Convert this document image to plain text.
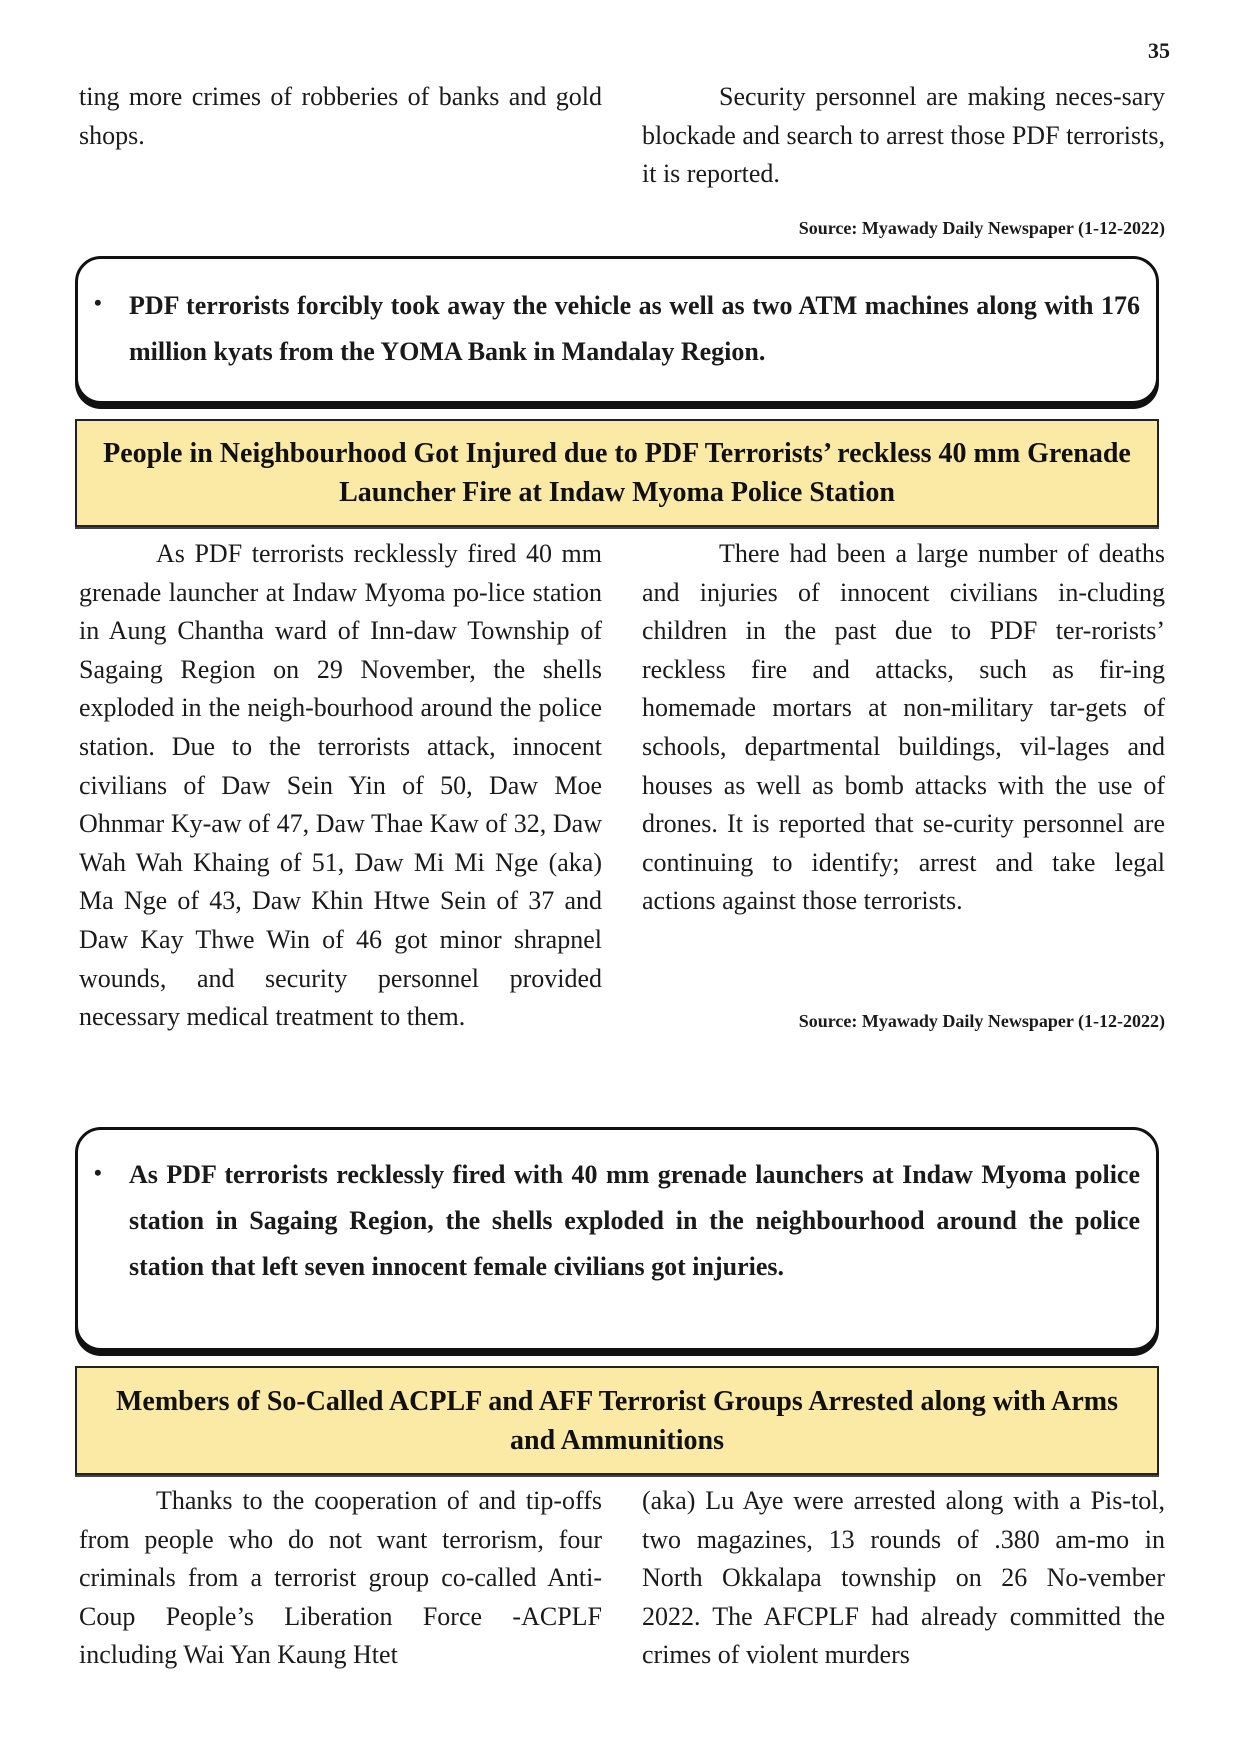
35

ting more crimes of robberies of banks and gold shops.

Security personnel are making neces-sary blockade and search to arrest those PDF terrorists, it is reported.

Source: Myawady Daily Newspaper (1-12-2022)
• PDF terrorists forcibly took away the vehicle as well as two ATM machines along with 176 million kyats from the YOMA Bank in Mandalay Region.
People in Neighbourhood Got Injured due to PDF Terrorists’ reckless 40 mm Grenade Launcher Fire at Indaw Myoma Police Station

As PDF terrorists recklessly fired 40 mm grenade launcher at Indaw Myoma po-lice station in Aung Chantha ward of Inn-daw Township of Sagaing Region on 29 November, the shells exploded in the neigh-bourhood around the police station. Due to the terrorists attack, innocent civilians of Daw Sein Yin of 50, Daw Moe Ohnmar Ky-aw of 47, Daw Thae Kaw of 32, Daw Wah Wah Khaing of 51, Daw Mi Mi Nge (aka) Ma Nge of 43, Daw Khin Htwe Sein of 37 and Daw Kay Thwe Win of 46 got minor shrapnel wounds, and security personnel provided necessary medical treatment to them.

There had been a large number of deaths and injuries of innocent civilians in-cluding children in the past due to PDF ter-rorists’ reckless fire and attacks, such as fir-ing homemade mortars at non-military tar-gets of schools, departmental buildings, vil-lages and houses as well as bomb attacks with the use of drones. It is reported that se-curity personnel are continuing to identify; arrest and take legal actions against those terrorists.

Source: Myawady Daily Newspaper (1-12-2022)
• As PDF terrorists recklessly fired with 40 mm grenade launchers at Indaw Myoma police station in Sagaing Region, the shells exploded in the neighbourhood around the police station that left seven innocent female civilians got injuries.
Members of So-Called ACPLF and AFF Terrorist Groups Arrested along with Arms and Ammunitions

Thanks to the cooperation of and tip-offs from people who do not want terrorism, four criminals from a terrorist group co-called Anti-Coup People’s Liberation Force -ACPLF including Wai Yan Kaung Htet

(aka) Lu Aye were arrested along with a Pis-tol, two magazines, 13 rounds of .380 am-mo in North Okkalapa township on 26 No-vember 2022. The AFCPLF had already committed the crimes of violent murders
